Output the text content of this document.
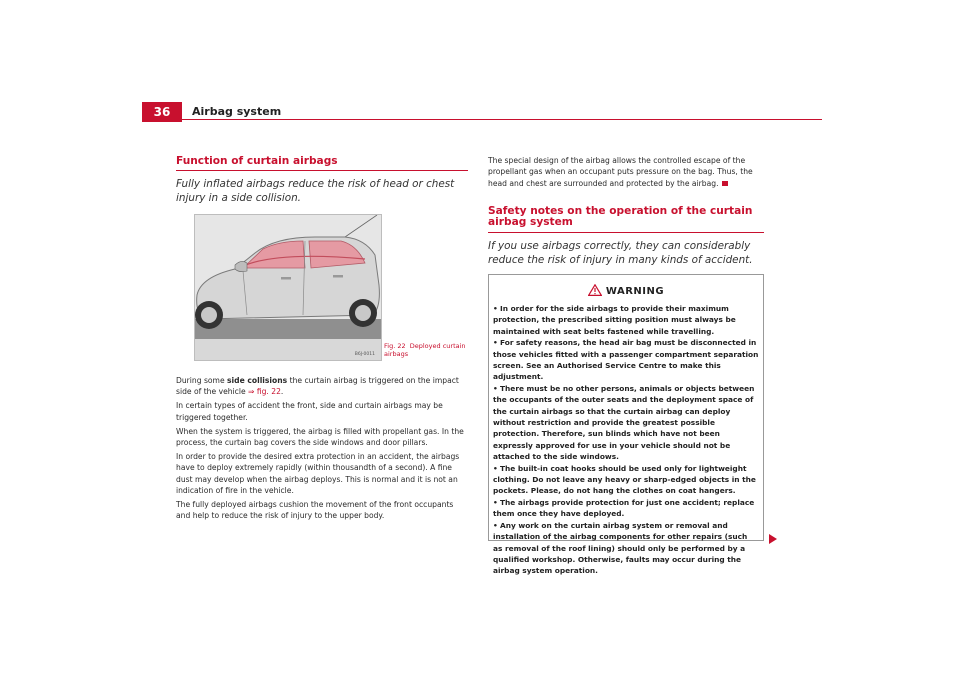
36	Airbag system
Function of curtain airbags
Fully inflated airbags reduce the risk of head or chest injury in a side collision.
B6J-0011
Fig. 22 Deployed curtain airbags

During some side collisions the curtain airbag is triggered on the impact side of the vehicle ⇒ fig. 22.

In certain types of accident the front, side and curtain airbags may be triggered together.

When the system is triggered, the airbag is filled with propellant gas. In the process, the curtain bag covers the side windows and door pillars.

In order to provide the desired extra protection in an accident, the airbags have to deploy extremely rapidly (within thousandth of a second). A fine dust may develop when the airbag deploys. This is normal and it is not an indication of fire in the vehicle.

The fully deployed airbags cushion the movement of the front occupants and help to reduce the risk of injury to the upper body.

The special design of the airbag allows the controlled escape of the propellant gas when an occupant puts pressure on the bag. Thus, the head and chest are surrounded and protected by the airbag.

Safety notes on the operation of the curtain airbag system
If you use airbags correctly, they can considerably reduce the risk of injury in many kinds of accident.
WARNING
• In order for the side airbags to provide their maximum protection, the prescribed sitting position must always be maintained with seat belts fastened while travelling.
• For safety reasons, the head air bag must be disconnected in those vehicles fitted with a passenger compartment separation screen. See an Authorised Service Centre to make this adjustment.
• There must be no other persons, animals or objects between the occupants of the outer seats and the deployment space of the curtain airbags so that the curtain airbag can deploy without restriction and provide the greatest possible protection. Therefore, sun blinds which have not been expressly approved for use in your vehicle should not be attached to the side windows.
• The built-in coat hooks should be used only for lightweight clothing. Do not leave any heavy or sharp-edged objects in the pockets. Please, do not hang the clothes on coat hangers.
• The airbags provide protection for just one accident; replace them once they have deployed.
• Any work on the curtain airbag system or removal and installation of the airbag components for other repairs (such as removal of the roof lining) should only be performed by a qualified workshop. Otherwise, faults may occur during the airbag system operation.
